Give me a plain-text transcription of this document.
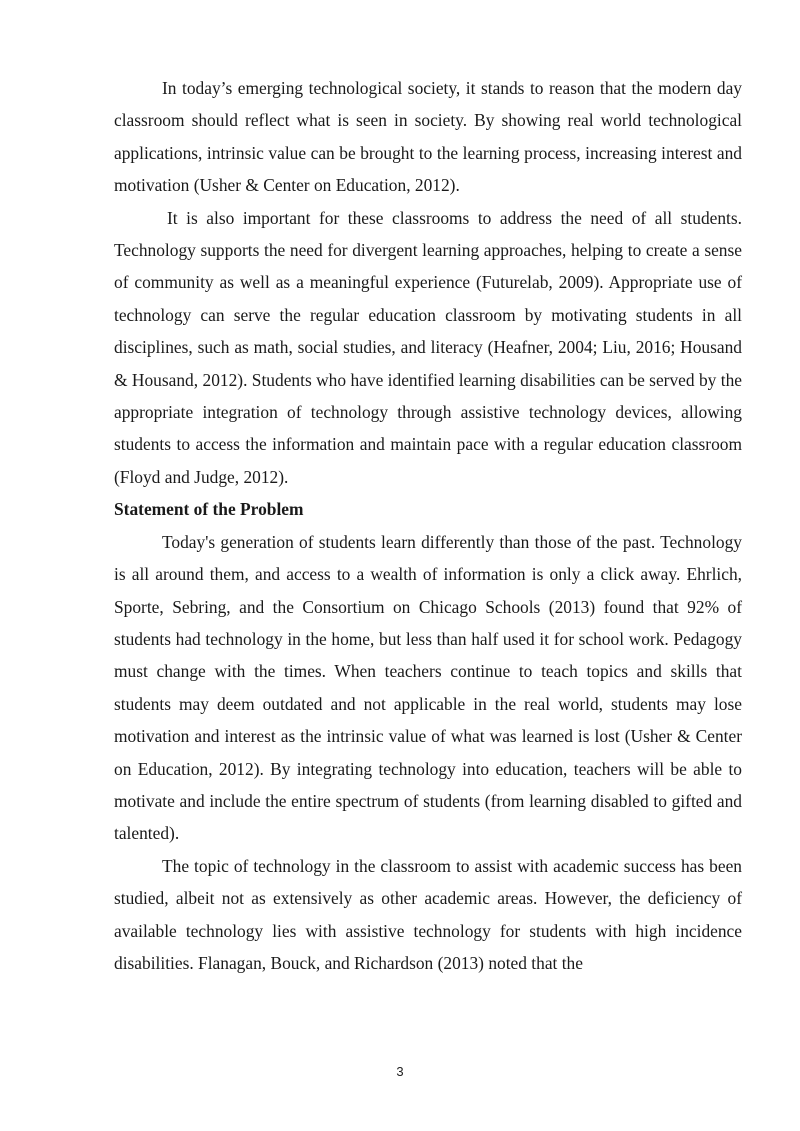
In today’s emerging technological society, it stands to reason that the modern day classroom should reflect what is seen in society. By showing real world technological applications, intrinsic value can be brought to the learning process, increasing interest and motivation (Usher & Center on Education, 2012).

It is also important for these classrooms to address the need of all students. Technology supports the need for divergent learning approaches, helping to create a sense of community as well as a meaningful experience (Futurelab, 2009). Appropriate use of technology can serve the regular education classroom by motivating students in all disciplines, such as math, social studies, and literacy (Heafner, 2004; Liu, 2016; Housand & Housand, 2012). Students who have identified learning disabilities can be served by the appropriate integration of technology through assistive technology devices, allowing students to access the information and maintain pace with a regular education classroom (Floyd and Judge, 2012).

Statement of the Problem

Today's generation of students learn differently than those of the past. Technology is all around them, and access to a wealth of information is only a click away. Ehrlich, Sporte, Sebring, and the Consortium on Chicago Schools (2013) found that 92% of students had technology in the home, but less than half used it for school work. Pedagogy must change with the times. When teachers continue to teach topics and skills that students may deem outdated and not applicable in the real world, students may lose motivation and interest as the intrinsic value of what was learned is lost (Usher & Center on Education, 2012). By integrating technology into education, teachers will be able to motivate and include the entire spectrum of students (from learning disabled to gifted and talented).

The topic of technology in the classroom to assist with academic success has been studied, albeit not as extensively as other academic areas. However, the deficiency of available technology lies with assistive technology for students with high incidence disabilities. Flanagan, Bouck, and Richardson (2013) noted that the

3
